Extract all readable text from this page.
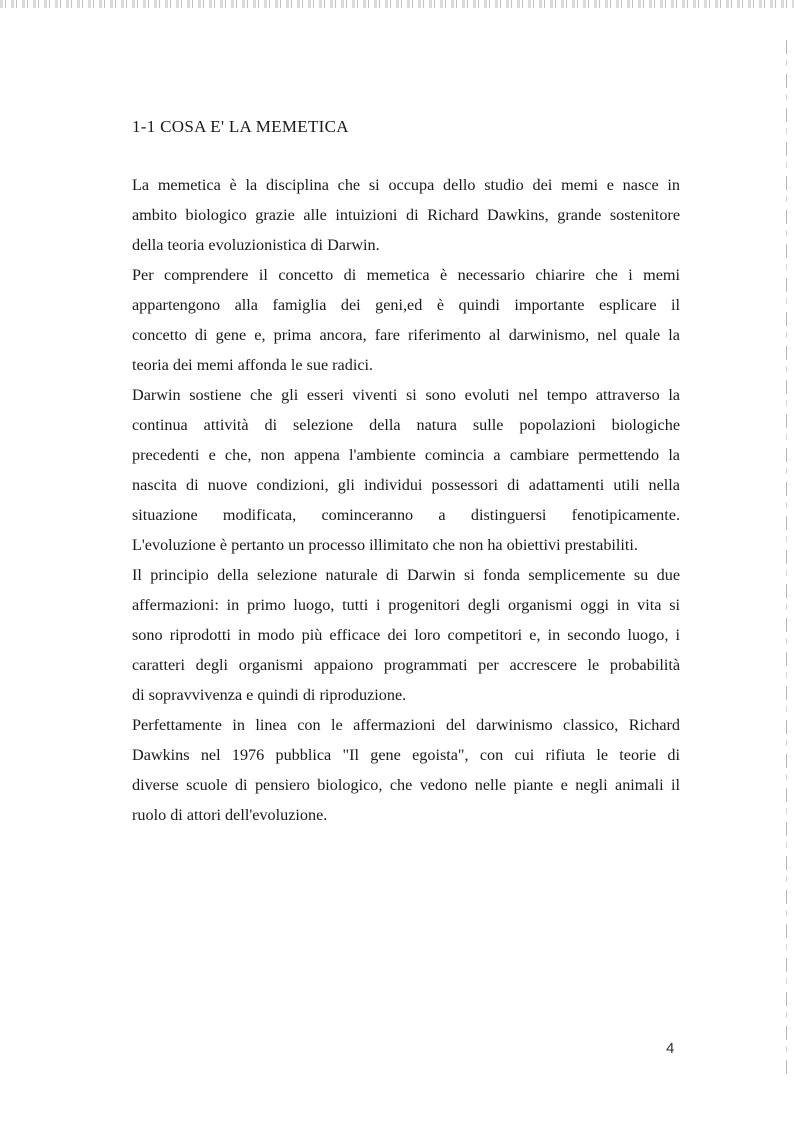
1-1 COSA E' LA MEMETICA
La memetica è la disciplina che si occupa dello studio dei memi e nasce in
ambito biologico grazie alle intuizioni di Richard Dawkins, grande sostenitore
della teoria evoluzionistica di Darwin.
Per comprendere il concetto di memetica è necessario chiarire che i memi
appartengono alla famiglia dei geni,ed è quindi importante esplicare il
concetto di gene e, prima ancora, fare riferimento al darwinismo, nel quale la
teoria dei memi affonda le sue radici.
Darwin sostiene che gli esseri viventi si sono evoluti nel tempo attraverso la
continua attività di selezione della natura sulle popolazioni biologiche
precedenti e che, non appena l'ambiente comincia a cambiare permettendo la
nascita di nuove condizioni, gli individui possessori di adattamenti utili nella
situazione modificata, cominceranno a distinguersi fenotipicamente.
L'evoluzione è pertanto un processo illimitato che non ha obiettivi prestabiliti.
Il principio della selezione naturale di Darwin si fonda semplicemente su due
affermazioni: in primo luogo, tutti i progenitori degli organismi oggi in vita si
sono riprodotti in modo più efficace dei loro competitori e, in secondo luogo, i
caratteri degli organismi appaiono programmati per accrescere le probabilità
di sopravvivenza e quindi di riproduzione.
Perfettamente in linea con le affermazioni del darwinismo classico, Richard
Dawkins nel 1976 pubblica "Il gene egoista", con cui rifiuta le teorie di
diverse scuole di pensiero biologico, che vedono nelle piante e negli animali il
ruolo di attori dell'evoluzione.
4
